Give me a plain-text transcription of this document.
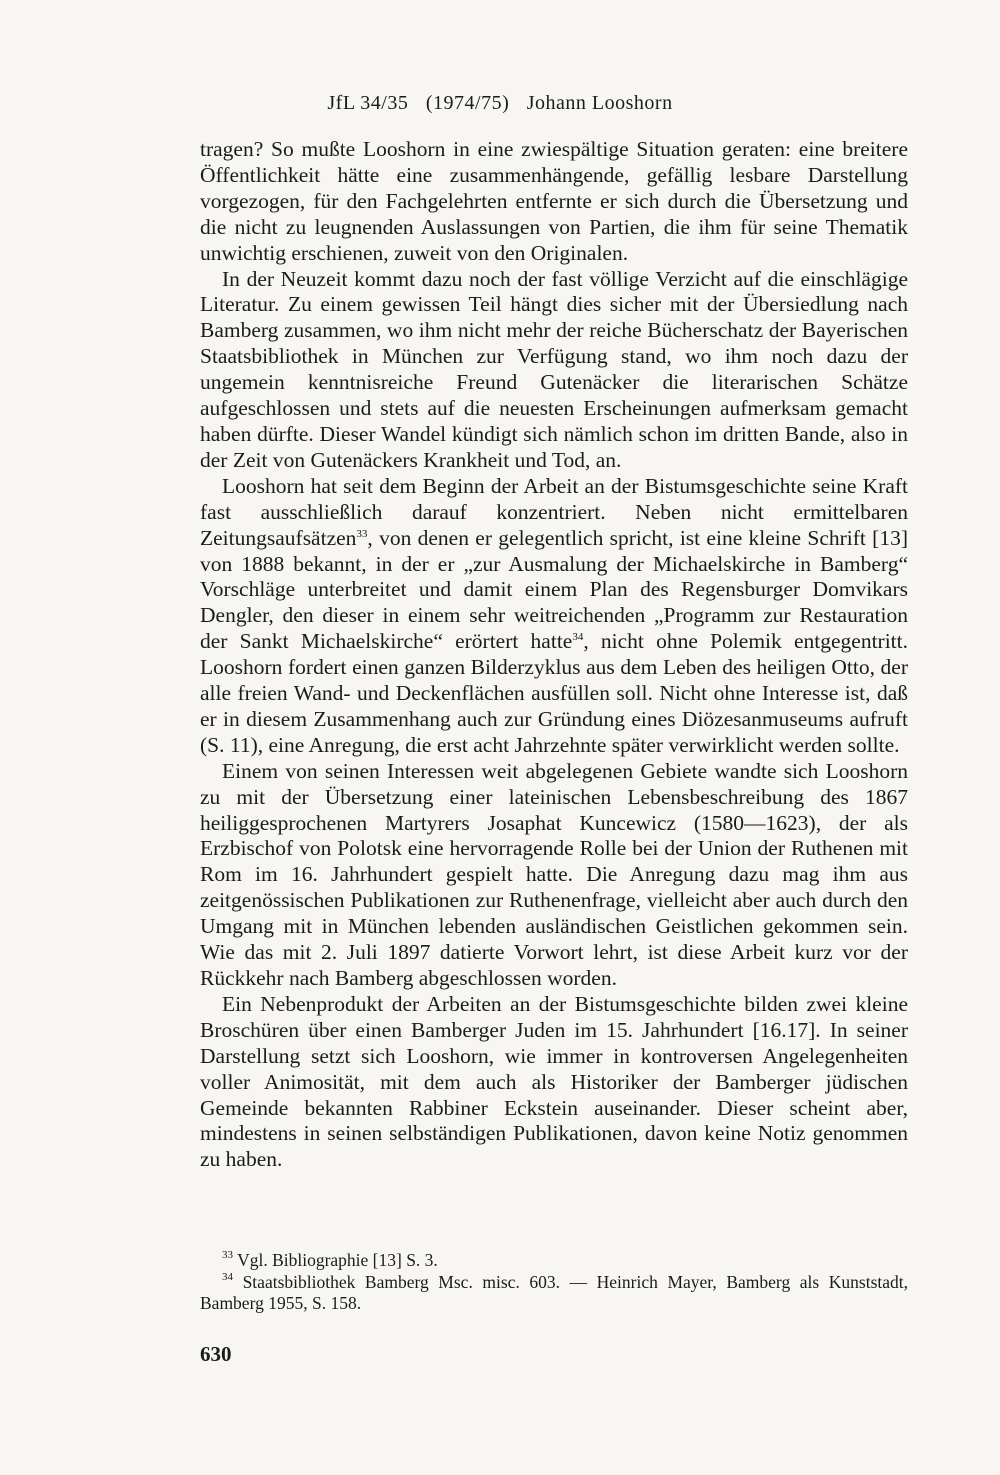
JfL 34/35 (1974/75) Johann Looshorn

tragen? So mußte Looshorn in eine zwiespältige Situation geraten: eine breitere Öffentlichkeit hätte eine zusammenhängende, gefällig lesbare Darstellung vorgezogen, für den Fachgelehrten entfernte er sich durch die Übersetzung und die nicht zu leugnenden Auslassungen von Partien, die ihm für seine Thematik unwichtig erschienen, zuweit von den Originalen.

In der Neuzeit kommt dazu noch der fast völlige Verzicht auf die einschlägige Literatur. Zu einem gewissen Teil hängt dies sicher mit der Übersiedlung nach Bamberg zusammen, wo ihm nicht mehr der reiche Bücherschatz der Bayerischen Staatsbibliothek in München zur Verfügung stand, wo ihm noch dazu der ungemein kenntnisreiche Freund Gutenäcker die literarischen Schätze aufgeschlossen und stets auf die neuesten Erscheinungen aufmerksam gemacht haben dürfte. Dieser Wandel kündigt sich nämlich schon im dritten Bande, also in der Zeit von Gutenäckers Krankheit und Tod, an.

Looshorn hat seit dem Beginn der Arbeit an der Bistumsgeschichte seine Kraft fast ausschließlich darauf konzentriert. Neben nicht ermittelbaren Zeitungsaufsätzen$^{33}$, von denen er gelegentlich spricht, ist eine kleine Schrift [13] von 1888 bekannt, in der er „zur Ausmalung der Michaelskirche in Bamberg“ Vorschläge unterbreitet und damit einem Plan des Regensburger Domvikars Dengler, den dieser in einem sehr weitreichenden „Programm zur Restauration der Sankt Michaelskirche“ erörtert hatte$^{34}$, nicht ohne Polemik entgegentritt. Looshorn fordert einen ganzen Bilderzyklus aus dem Leben des heiligen Otto, der alle freien Wand- und Deckenflächen ausfüllen soll. Nicht ohne Interesse ist, daß er in diesem Zusammenhang auch zur Gründung eines Diözesanmuseums aufruft (S. 11), eine Anregung, die erst acht Jahrzehnte später verwirklicht werden sollte.

Einem von seinen Interessen weit abgelegenen Gebiete wandte sich Looshorn zu mit der Übersetzung einer lateinischen Lebensbeschreibung des 1867 heiliggesprochenen Martyrers Josaphat Kuncewicz (1580—1623), der als Erzbischof von Polotsk eine hervorragende Rolle bei der Union der Ruthenen mit Rom im 16. Jahrhundert gespielt hatte. Die Anregung dazu mag ihm aus zeitgenössischen Publikationen zur Ruthenenfrage, vielleicht aber auch durch den Umgang mit in München lebenden ausländischen Geistlichen gekommen sein. Wie das mit 2. Juli 1897 datierte Vorwort lehrt, ist diese Arbeit kurz vor der Rückkehr nach Bamberg abgeschlossen worden.

Ein Nebenprodukt der Arbeiten an der Bistumsgeschichte bilden zwei kleine Broschüren über einen Bamberger Juden im 15. Jahrhundert [16.17]. In seiner Darstellung setzt sich Looshorn, wie immer in kontroversen Angelegenheiten voller Animosität, mit dem auch als Historiker der Bamberger jüdischen Gemeinde bekannten Rabbiner Eckstein auseinander. Dieser scheint aber, mindestens in seinen selbständigen Publikationen, davon keine Notiz genommen zu haben.

$^{33}$ Vgl. Bibliographie [13] S. 3.

$^{34}$ Staatsbibliothek Bamberg Msc. misc. 603. — Heinrich Mayer, Bamberg als Kunststadt, Bamberg 1955, S. 158.

630
